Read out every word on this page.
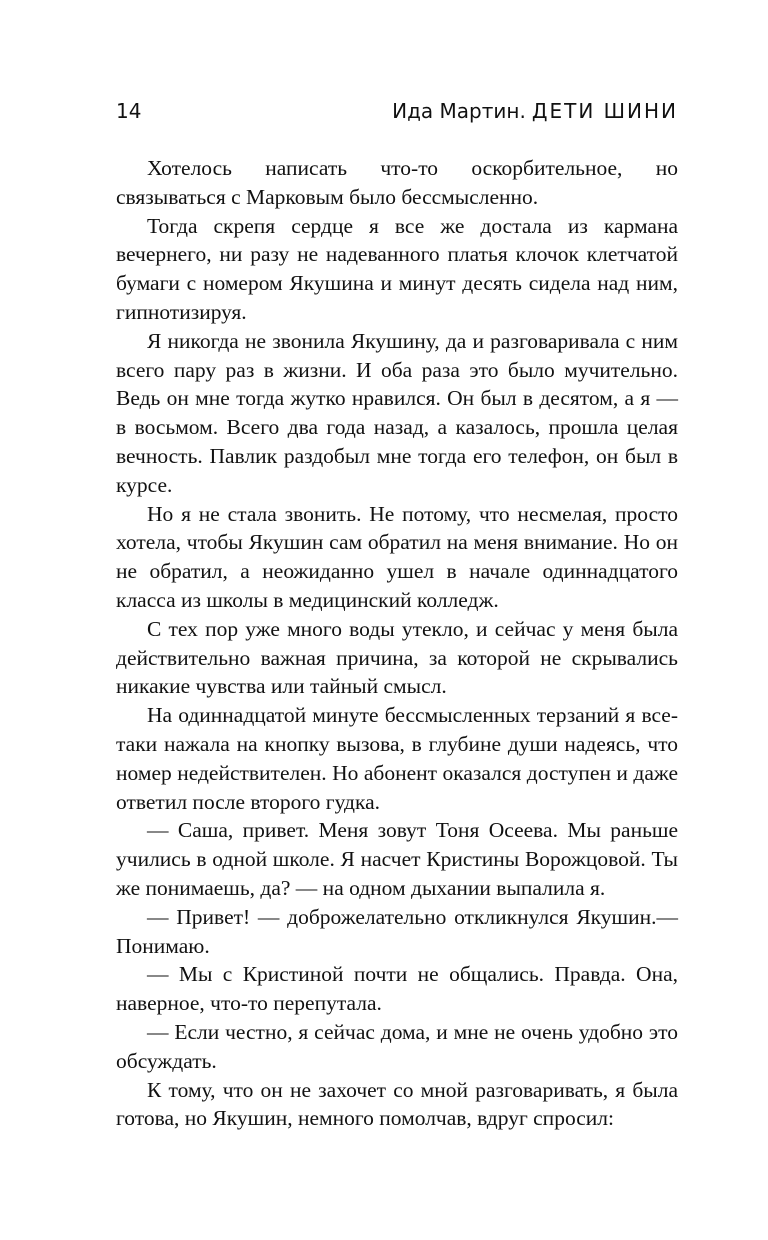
14	Ида Мартин. ДЕТИ ШИНИ

Хотелось написать что-то оскорбительное, но связываться с Марковым было бессмысленно.

Тогда скрепя сердце я все же достала из кармана вечернего, ни разу не надеванного платья клочок клетчатой бумаги с номером Якушина и минут десять сидела над ним, гипнотизируя.

Я никогда не звонила Якушину, да и разговаривала с ним всего пару раз в жизни. И оба раза это было мучительно. Ведь он мне тогда жутко нравился. Он был в десятом, а я — в восьмом. Всего два года назад, а казалось, прошла целая вечность. Павлик раздобыл мне тогда его телефон, он был в курсе.

Но я не стала звонить. Не потому, что несмелая, просто хотела, чтобы Якушин сам обратил на меня внимание. Но он не обратил, а неожиданно ушел в начале одиннадцатого класса из школы в медицинский колледж.

С тех пор уже много воды утекло, и сейчас у меня была действительно важная причина, за которой не скрывались никакие чувства или тайный смысл.

На одиннадцатой минуте бессмысленных терзаний я все-таки нажала на кнопку вызова, в глубине души надеясь, что номер недействителен. Но абонент оказался доступен и даже ответил после второго гудка.

— Саша, привет. Меня зовут Тоня Осеева. Мы раньше учились в одной школе. Я насчет Кристины Ворожцовой. Ты же понимаешь, да? — на одном дыхании выпалила я.

— Привет! — доброжелательно откликнулся Якушин.— Понимаю.

— Мы с Кристиной почти не общались. Правда. Она, наверное, что-то перепутала.

— Если честно, я сейчас дома, и мне не очень удобно это обсуждать.

К тому, что он не захочет со мной разговаривать, я была готова, но Якушин, немного помолчав, вдруг спросил:
